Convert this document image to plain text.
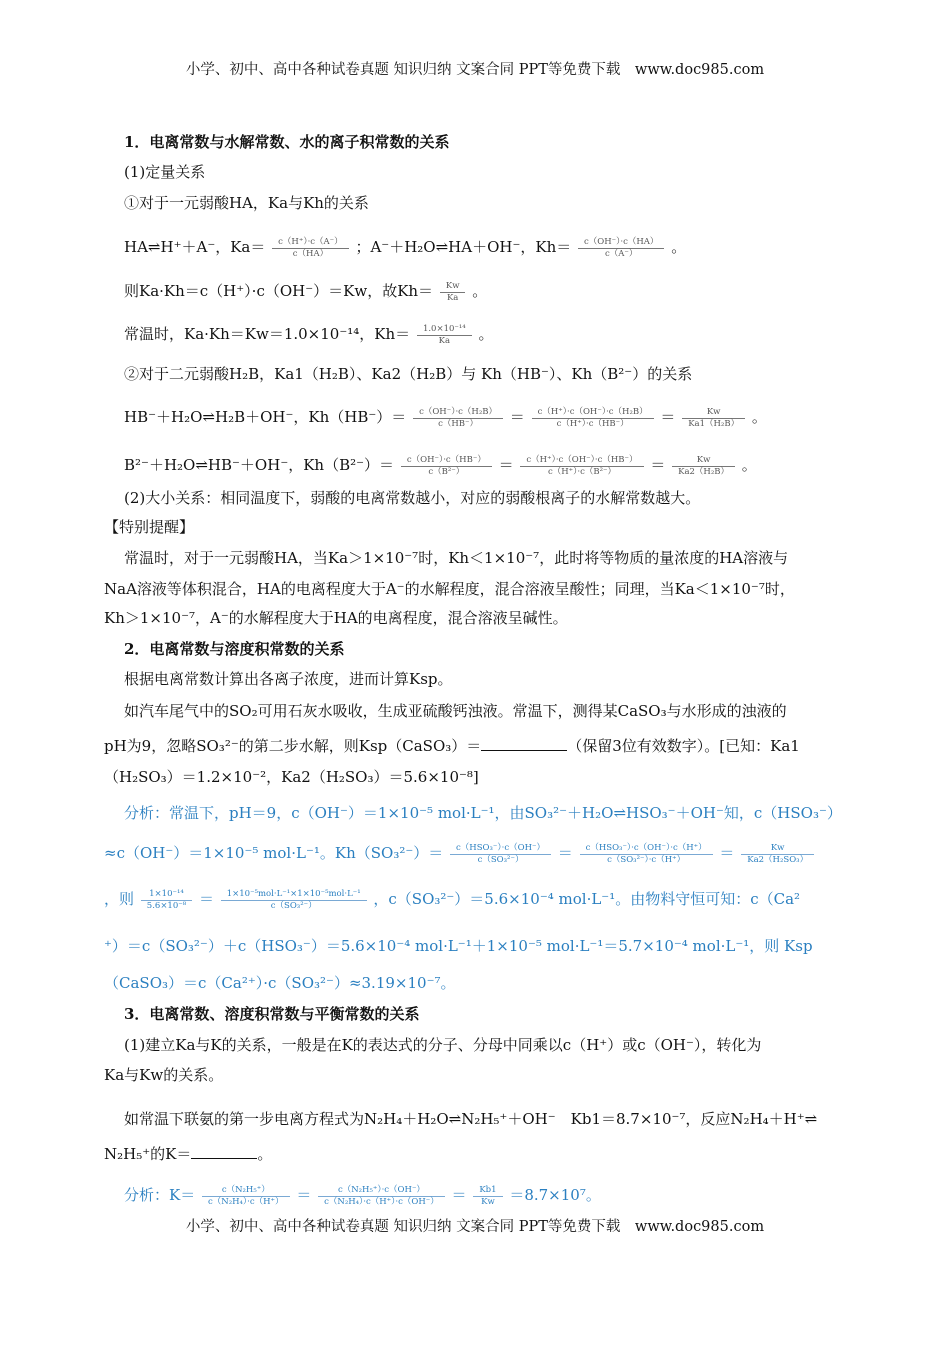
小学、初中、高中各种试卷真题 知识归纳 文案合同 PPT等免费下载　www.doc985.com
1．电离常数与水解常数、水的离子积常数的关系
(1)定量关系
①对于一元弱酸HA，Ka与Kh的关系
HA⇌H⁺＋A⁻，$Ka= \frac{c(H^+)\cdot c(A^-)}{c(HA)}$ ；A⁻＋H₂O⇌HA＋OH⁻，$Kh= \frac{c(OH^-)\cdot c(HA)}{c(A^-)}$ 。
则Ka·Kh＝c（H⁺）·c（OH⁻）＝Kw，故$Kh= \frac{Kw}{Ka}$ 。
常温时，Ka·Kh＝Kw＝1.0×10⁻¹⁴，$Kh= \frac{\text{1.0×10⁻¹⁴}}{Ka}$ 。
②对于二元弱酸H₂B，Ka1（H₂B）、Ka2（H₂B）与 Kh（HB⁻）、Kh（B²⁻）的关系
HB⁻＋H₂O⇌H₂B＋OH⁻，$Kh(HB^-)= \frac{\text{c（OH⁻）·c（H₂B）}}{c(HB^-)} = \frac{\text{c（H⁺）·c（OH⁻）·c（H₂B）}}{c(H^+)\cdot c(HB^-)} = \frac{Kw}{\text{Ka1（H₂B）}}$ 。
B²⁻＋H₂O⇌HB⁻＋OH⁻，$Kh(B^{2-})= \frac{c(OH^-)\cdot c(HB^-)}{\text{c（B²⁻）}} = \frac{c(H^+)\cdot c(OH^-)\cdot c(HB^-)}{\text{c（H⁺）·c（B²⁻）}} = \frac{Kw}{\text{Ka2（H₂B）}}$ 。
(2)大小关系：相同温度下，弱酸的电离常数越小，对应的弱酸根离子的水解常数越大。
【特别提醒】
常温时，对于一元弱酸HA，当Ka＞1×10⁻⁷时，Kh＜1×10⁻⁷，此时将等物质的量浓度的HA溶液与
NaA溶液等体积混合，HA的电离程度大于A⁻的水解程度，混合溶液呈酸性；同理，当Ka＜1×10⁻⁷时，
Kh＞1×10⁻⁷，A⁻的水解程度大于HA的电离程度，混合溶液呈碱性。
2．电离常数与溶度积常数的关系
根据电离常数计算出各离子浓度，进而计算Ksp。
如汽车尾气中的SO₂可用石灰水吸收，生成亚硫酸钙浊液。常温下，测得某CaSO₃与水形成的浊液的
pH为9，忽略SO₃²⁻的第二步水解，则Ksp（CaSO₃）＝	（保留3位有效数字）。[已知：Ka1
（H₂SO₃）＝1.2×10⁻²，Ka2（H₂SO₃）＝5.6×10⁻⁸]
分析：常温下，pH＝9，c（OH⁻）＝1×10⁻⁵ mol·L⁻¹，由SO₃²⁻＋H₂O⇌HSO₃⁻＋OH⁻知，c（HSO₃⁻）
≈c（OH⁻）＝1×10⁻⁵ mol·L⁻¹。$Kh(SO_3^{2-})= \frac{\text{c（HSO₃⁻）·c（OH⁻）}}{\text{c（SO₃²⁻）}} = \frac{\text{c（HSO₃⁻）·c（OH⁻）·c（H⁺）}}{\text{c（SO₃²⁻）·c（H⁺）}} = \frac{Kw}{\text{Ka2（H₂SO₃）}}$
，则 $\frac{\text{1×10⁻¹⁴}}{\text{5.6×10⁻⁸}} = \frac{\text{1×10⁻⁵mol·L⁻¹×1×10⁻⁵mol·L⁻¹}}{\text{c（SO₃²⁻）}}$ ，c（SO₃²⁻）＝5.6×10⁻⁴ mol·L⁻¹。由物料守恒可知：c（Ca²
⁺）＝c（SO₃²⁻）＋c（HSO₃⁻）＝5.6×10⁻⁴ mol·L⁻¹＋1×10⁻⁵ mol·L⁻¹＝5.7×10⁻⁴ mol·L⁻¹，则 Ksp
（CaSO₃）＝c（Ca²⁺）·c（SO₃²⁻）≈3.19×10⁻⁷。
3．电离常数、溶度积常数与平衡常数的关系
(1)建立Ka与K的关系，一般是在K的表达式的分子、分母中同乘以c（H⁺）或c（OH⁻），转化为
Ka与Kw的关系。
如常温下联氨的第一步电离方程式为N₂H₄＋H₂O⇌N₂H₅⁺＋OH⁻　Kb1＝8.7×10⁻⁷，反应N₂H₄＋H⁺⇌
N₂H₅⁺的K＝	。
分析：$K= \frac{\text{c（N₂H₅⁺）}}{\text{c（N₂H₄）·c（H⁺）}} = \frac{\text{c（N₂H₅⁺）·c（OH⁻）}}{\text{c（N₂H₄）·c（H⁺）·c（OH⁻）}} = \frac{Kb1}{Kw} =8.7\times 10^7$。
小学、初中、高中各种试卷真题 知识归纳 文案合同 PPT等免费下载　www.doc985.com
